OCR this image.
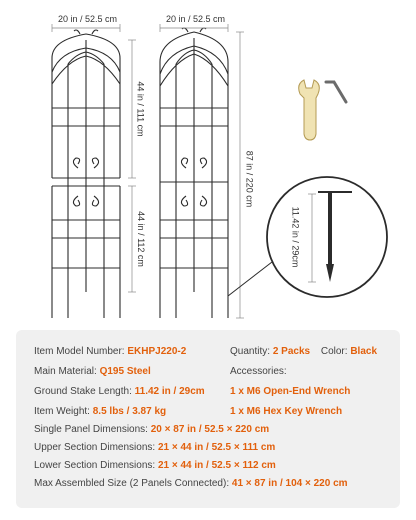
20 in / 52.5 cm	20 in / 52.5 cm
44 in / 111 cm
44 in / 112 cm
87 in / 220 cm
11.42 in / 29cm
Item Model Number: EKHPJ220-2
Main Material: Q195 Steel
Ground Stake Length: 11.42 in / 29cm
Item Weight: 8.5 lbs / 3.87 kg
Single Panel Dimensions: 20 × 87 in / 52.5 × 220 cm
Upper Section Dimensions: 21 × 44 in / 52.5 × 111 cm
Lower Section Dimensions: 21 × 44 in / 52.5 × 112 cm
Max Assembled Size (2 Panels Connected): 41 × 87 in / 104 × 220 cm
Quantity: 2 Packs Color: Black
Accessories:
1 x M6 Open-End Wrench
1 x M6 Hex Key Wrench
